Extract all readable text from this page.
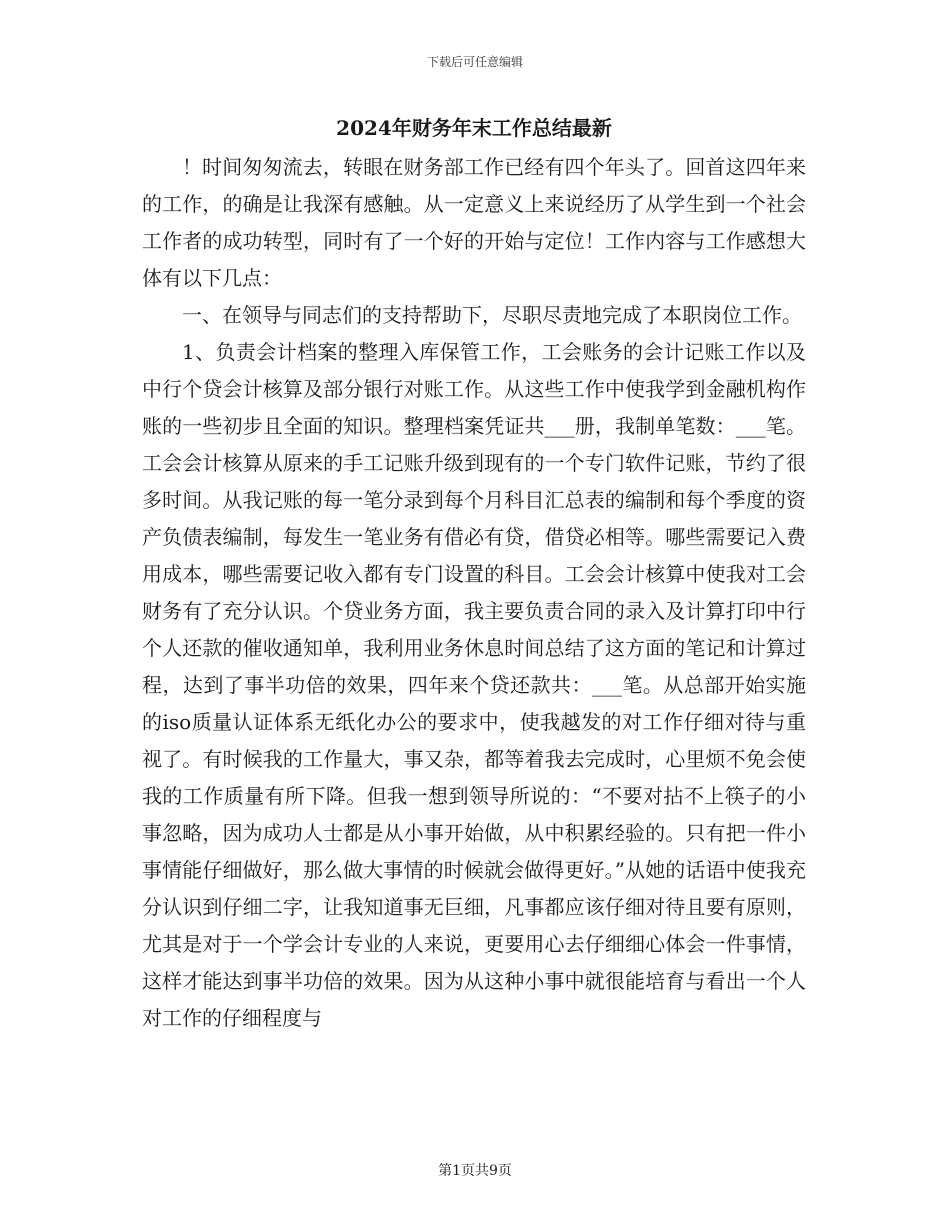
下载后可任意编辑
2024年财务年末工作总结最新

！时间匆匆流去，转眼在财务部工作已经有四个年头了。回首这四年来的工作，的确是让我深有感触。从一定意义上来说经历了从学生到一个社会工作者的成功转型，同时有了一个好的开始与定位！工作内容与工作感想大体有以下几点：

一、在领导与同志们的支持帮助下，尽职尽责地完成了本职岗位工作。

1、负责会计档案的整理入库保管工作，工会账务的会计记账工作以及中行个贷会计核算及部分银行对账工作。从这些工作中使我学到金融机构作账的一些初步且全面的知识。整理档案凭证共___册，我制单笔数：___笔。工会会计核算从原来的手工记账升级到现有的一个专门软件记账，节约了很多时间。从我记账的每一笔分录到每个月科目汇总表的编制和每个季度的资产负债表编制，每发生一笔业务有借必有贷，借贷必相等。哪些需要记入费用成本，哪些需要记收入都有专门设置的科目。工会会计核算中使我对工会财务有了充分认识。个贷业务方面，我主要负责合同的录入及计算打印中行个人还款的催收通知单，我利用业务休息时间总结了这方面的笔记和计算过程，达到了事半功倍的效果，四年来个贷还款共：___笔。从总部开始实施的iso质量认证体系无纸化办公的要求中，使我越发的对工作仔细对待与重视了。有时候我的工作量大，事又杂，都等着我去完成时，心里烦不免会使我的工作质量有所下降。但我一想到领导所说的：“不要对拈不上筷子的小事忽略，因为成功人士都是从小事开始做，从中积累经验的。只有把一件小事情能仔细做好，那么做大事情的时候就会做得更好。”从她的话语中使我充分认识到仔细二字，让我知道事无巨细，凡事都应该仔细对待且要有原则，尤其是对于一个学会计专业的人来说，更要用心去仔细细心体会一件事情，这样才能达到事半功倍的效果。因为从这种小事中就很能培育与看出一个人对工作的仔细程度与

第1页共9页
